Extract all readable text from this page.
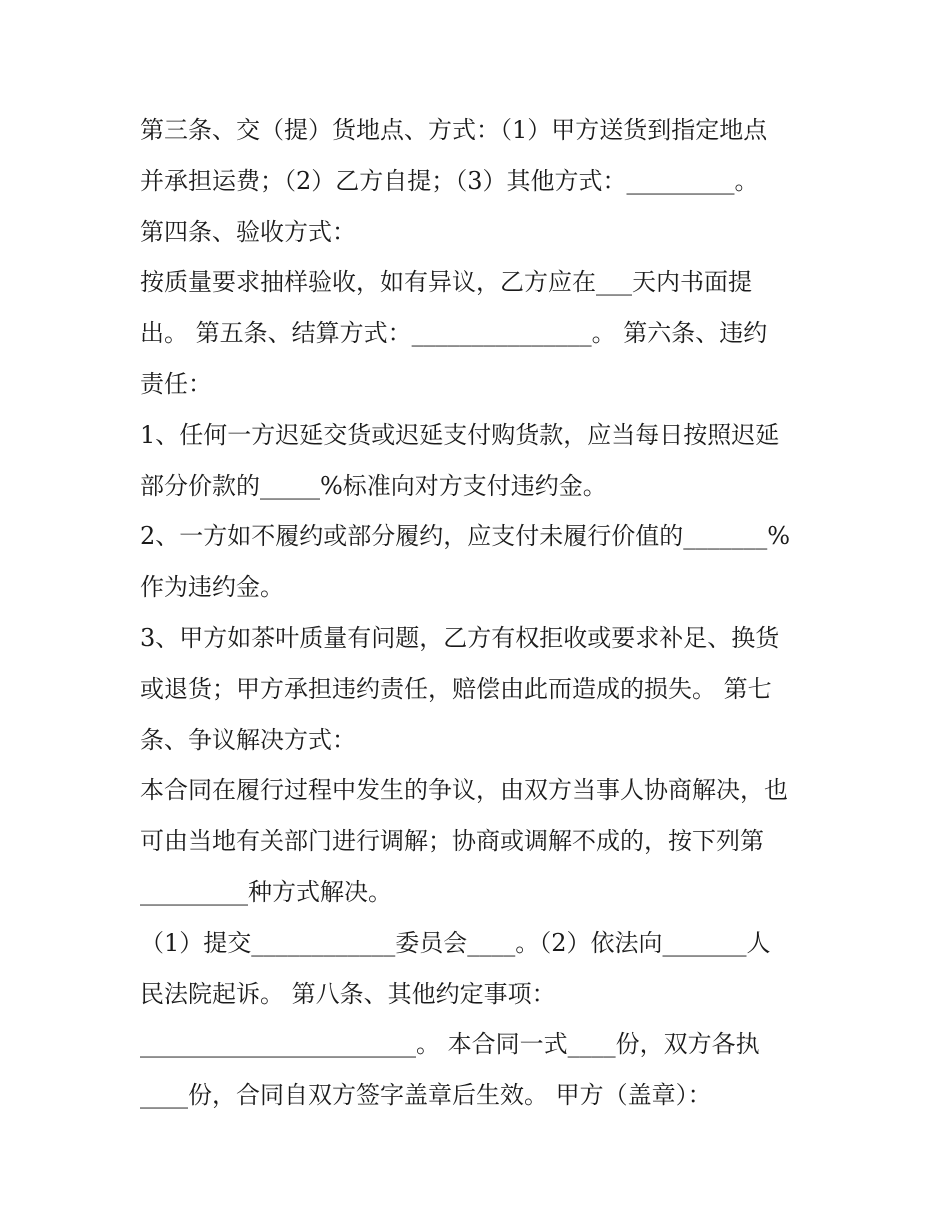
第三条、交（提）货地点、方式：（1）甲方送货到指定地点
并承担运费；（2）乙方自提；（3）其他方式：_________。
第四条、验收方式：
按质量要求抽样验收，如有异议，乙方应在___天内书面提
出。 第五条、结算方式：_______________。 第六条、违约
责任：
1、任何一方迟延交货或迟延支付购货款，应当每日按照迟延
部分价款的_____%标准向对方支付违约金。
2、一方如不履约或部分履约，应支付未履行价值的_______%
作为违约金。
3、甲方如茶叶质量有问题，乙方有权拒收或要求补足、换货
或退货；甲方承担违约责任，赔偿由此而造成的损失。 第七
条、争议解决方式：
本合同在履行过程中发生的争议，由双方当事人协商解决，也
可由当地有关部门进行调解；协商或调解不成的，按下列第
_________种方式解决。
（1）提交____________委员会____。（2）依法向_______人
民法院起诉。 第八条、其他约定事项：
_______________________。 本合同一式____份，双方各执
____份，合同自双方签字盖章后生效。 甲方（盖章）：
